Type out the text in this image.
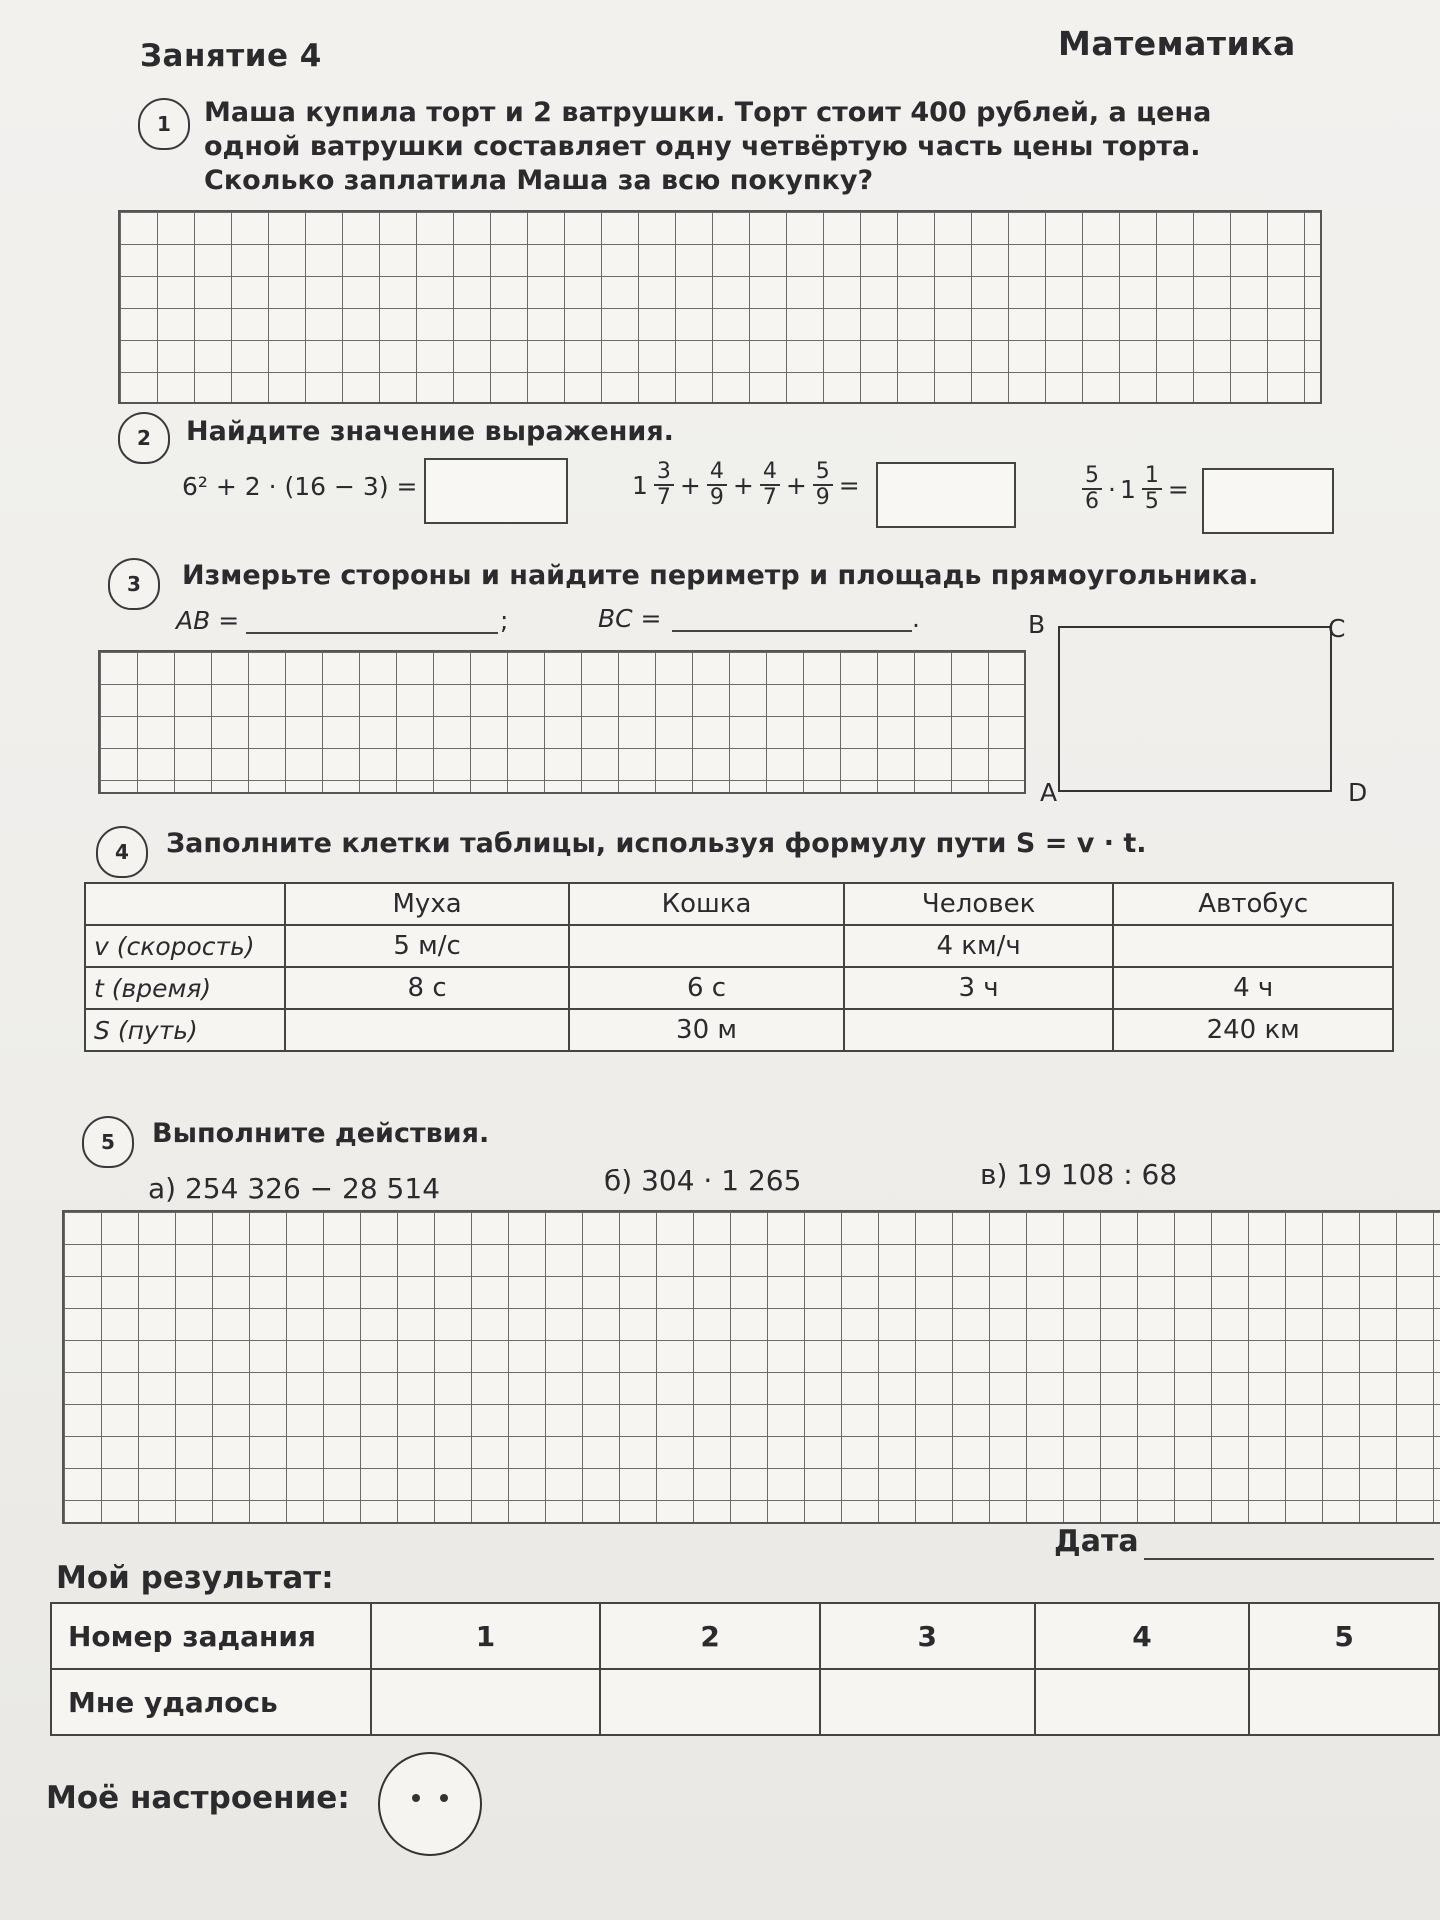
Занятие 4	Математика
1	Маша купила торт и 2 ватрушки. Торт стоит 400 рублей, а цена одной ватрушки составляет одну четвёртую часть цены торта. Сколько заплатила Маша за всю покупку?
2	Найдите значение выражения.
6² + 2 · (16 − 3) =	$1 \frac{3}{7} + \frac{4}{9} + \frac{4}{7} + \frac{5}{9}$ =	$\frac{5}{6} \cdot 1 \frac{1}{5}$ =
3	Измерьте стороны и найдите периметр и площадь прямоугольника.
AB =	;	BC =	.	B	C
A	D
4	Заполните клетки таблицы, используя формулу пути S = v · t.
	Муха	Кошка	Человек	Автобус
v (скорость)	5 м/с		4 км/ч	
t (время)	8 с	6 с	3 ч	4 ч
S (путь)		30 м		240 км
5	Выполните действия.
а) 254 326 − 28 514	б) 304 · 1 265	в) 19 108 : 68
Дата
Мой результат:
Номер задания	1	2	3	4	5
Мне удалось					
Моё настроение:
